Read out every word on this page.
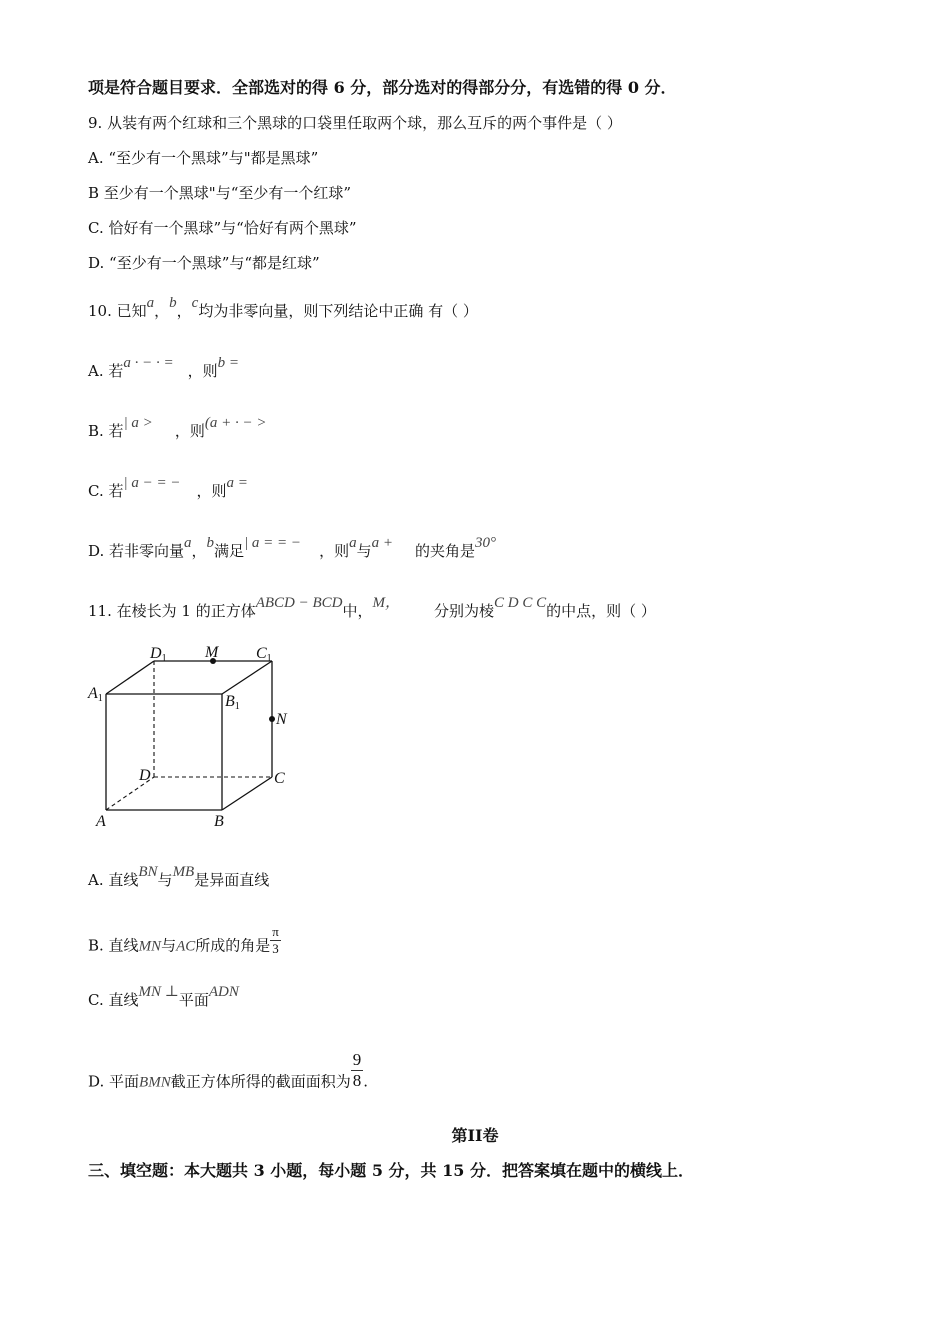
项是符合题目要求．全部选对的得 6 分，部分选对的得部分分，有选错的得 0 分．
9. 从装有两个红球和三个黑球的口袋里任取两个球，那么互斥的两个事件是（ ）
A. “至少有一个黑球”与"都是黑球”
B 至少有一个黑球"与“至少有一个红球”
C. 恰好有一个黑球”与“恰好有两个黑球”
D. “至少有一个黑球”与“都是红球”
10. 已知a，b，c均为非零向量，则下列结论中正确 有（ ）
A. 若a · − · = ，则b =
B. 若| a > ，则(a + · − >
C. 若| a − = − ，则a =
D. 若非零向量a，b满足| a = = − ，则a与a + 的夹角是30°
11. 在棱长为 1 的正方体ABCD − BCD中，M， 分别为棱C D C C的中点，则（ ）
D1 M C1
A1	B1
N
D	C
A	B
A. 直线BN与MB是异面直线
B. 直线MN与AC所成的角是 $\frac{\pi}{3}$
C. 直线MN ⊥平面ADN
D. 平面BMN截正方体所得的截面面积为 $\frac{9}{8}$ .
第II卷
三、填空题：本大题共 3 小题，每小题 5 分，共 15 分．把答案填在题中的横线上．
